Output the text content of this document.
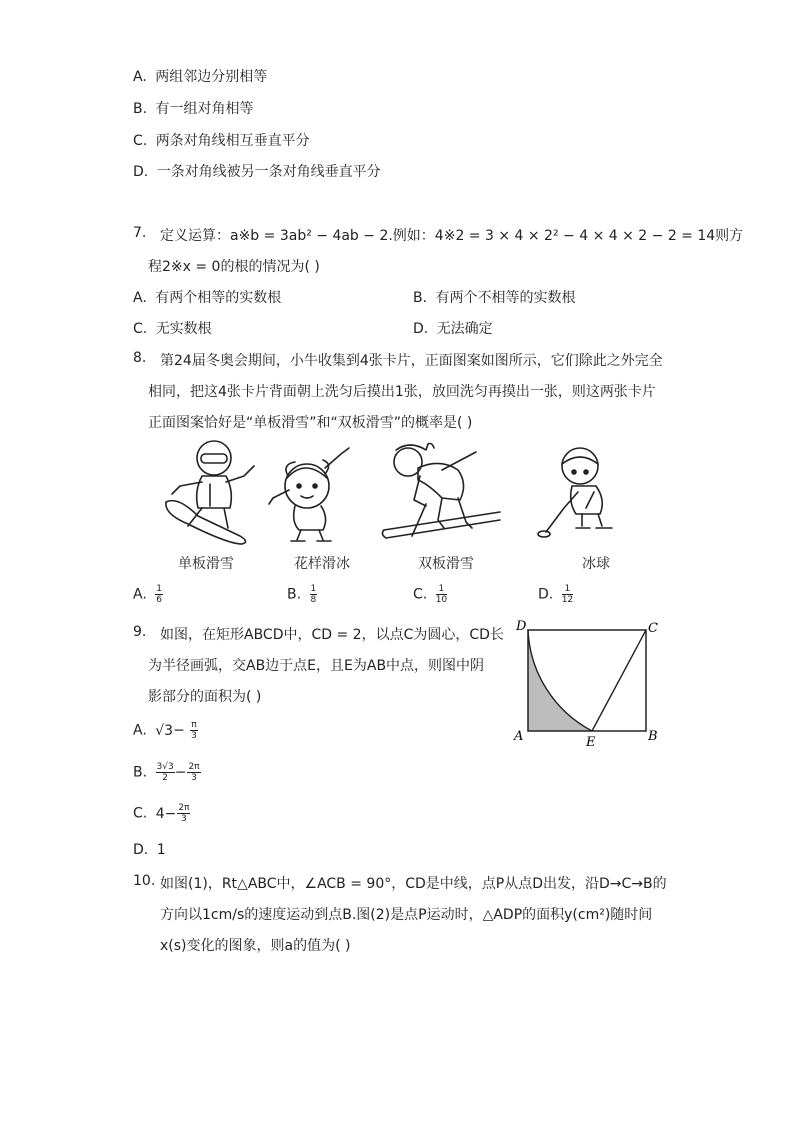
A. 两组邻边分别相等
B. 有一组对角相等
C. 两条对角线相互垂直平分
D. 一条对角线被另一条对角线垂直平分
7. 定义运算：a※b = 3ab² − 4ab − 2.例如：4※2 = 3 × 4 × 2² − 4 × 4 × 2 − 2 = 14则方
程2※x = 0的根的情况为( )
A. 有两个相等的实数根	B. 有两个不相等的实数根
C. 无实数根	D. 无法确定
8. 第24届冬奥会期间，小牛收集到4张卡片，正面图案如图所示，它们除此之外完全
相同，把这4张卡片背面朝上洗匀后摸出1张，放回洗匀再摸出一张，则这两张卡片
正面图案恰好是“单板滑雪”和“双板滑雪”的概率是( )
单板滑雪	花样滑冰	双板滑雪	冰球
A. $\frac{1}{6}$	B. $\frac{1}{8}$	C. $\frac{1}{10}$	D. $\frac{1}{12}$
9. 如图，在矩形ABCD中，CD = 2，以点C为圆心，CD长
为半径画弧，交AB边于点E，且E为AB中点，则图中阴
影部分的面积为( )
D	C
A	E	B
A. $√3- \frac{\pi}{3}$
B. $\frac{3√3}{2} - \frac{2\pi}{3}$
C. $4- \frac{2\pi}{3}$
D. 1
10. 如图(1)，Rt△ABC中，∠ACB = 90°，CD是中线，点P从点D出发，沿D→C→B的
方向以1cm/s的速度运动到点B.图(2)是点P运动时，△ADP的面积y(cm²)随时间
x(s)变化的图象，则a的值为( )
